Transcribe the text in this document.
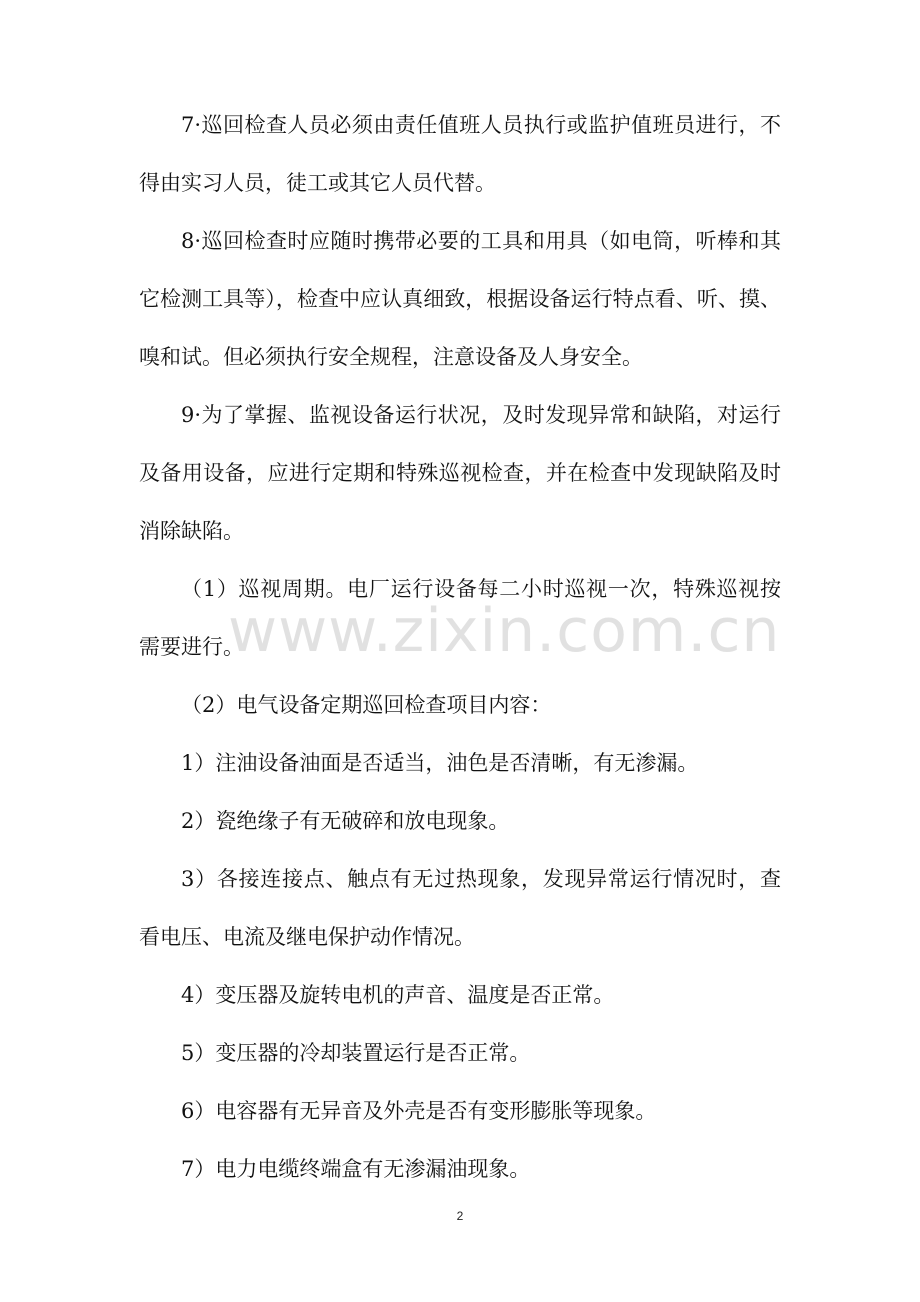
7·巡回检查人员必须由责任值班人员执行或监护值班员进行，不得由实习人员，徒工或其它人员代替。

8·巡回检查时应随时携带必要的工具和用具（如电筒，听棒和其它检测工具等），检查中应认真细致，根据设备运行特点看、听、摸、嗅和试。但必须执行安全规程，注意设备及人身安全。

9·为了掌握、监视设备运行状况，及时发现异常和缺陷，对运行及备用设备，应进行定期和特殊巡视检查，并在检查中发现缺陷及时消除缺陷。

（1）巡视周期。电厂运行设备每二小时巡视一次，特殊巡视按需要进行。

（2）电气设备定期巡回检查项目内容：

1）注油设备油面是否适当，油色是否清晰，有无渗漏。

2）瓷绝缘子有无破碎和放电现象。

3）各接连接点、触点有无过热现象，发现异常运行情况时，查看电压、电流及继电保护动作情况。

4）变压器及旋转电机的声音、温度是否正常。

5）变压器的冷却装置运行是否正常。

6）电容器有无异音及外壳是否有变形膨胀等现象。

7）电力电缆终端盒有无渗漏油现象。

www.zixin.com.cn
2
